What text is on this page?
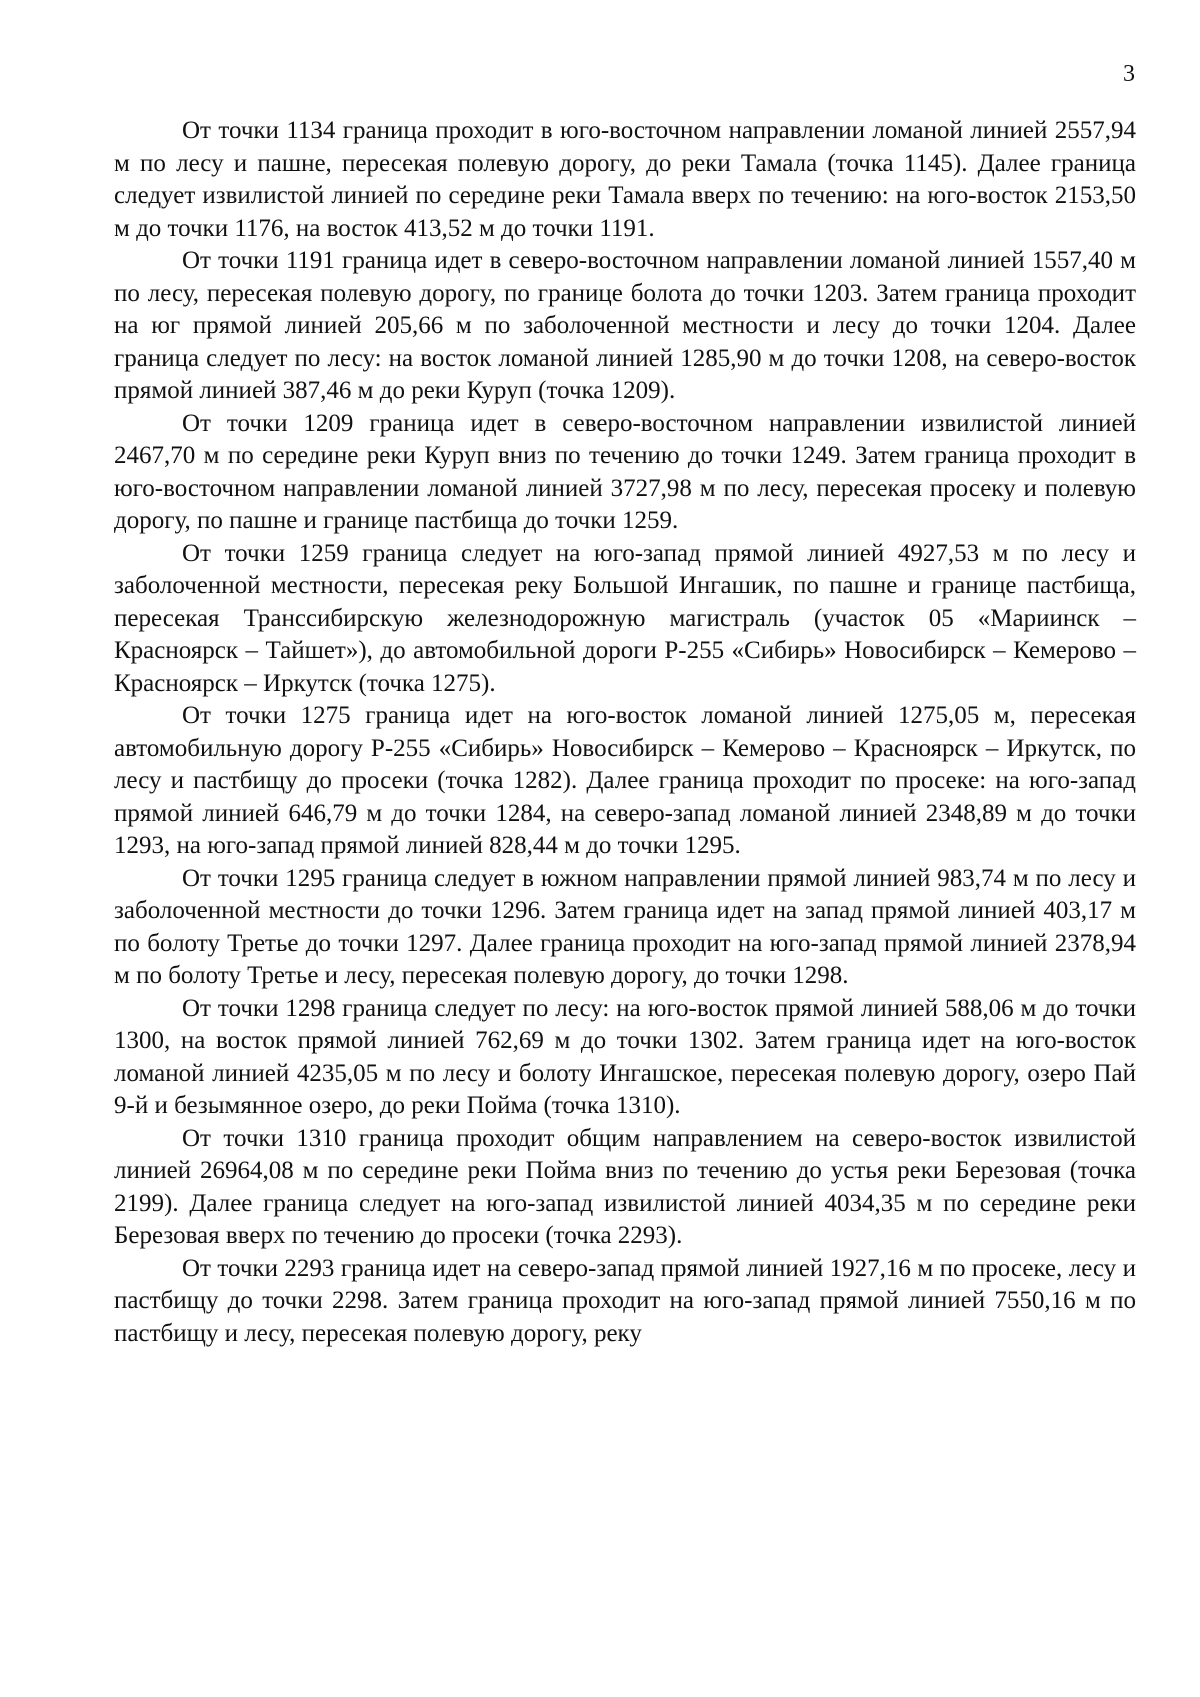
3

От точки 1134 граница проходит в юго-восточном направлении ломаной линией 2557,94 м по лесу и пашне, пересекая полевую дорогу, до реки Тамала (точка 1145). Далее граница следует извилистой линией по середине реки Тамала вверх по течению: на юго-восток 2153,50 м до точки 1176, на восток 413,52 м до точки 1191.

От точки 1191 граница идет в северо-восточном направлении ломаной линией 1557,40 м по лесу, пересекая полевую дорогу, по границе болота до точки 1203. Затем граница проходит на юг прямой линией 205,66 м по заболоченной местности и лесу до точки 1204. Далее граница следует по лесу: на восток ломаной линией 1285,90 м до точки 1208, на северо-восток прямой линией 387,46 м до реки Куруп (точка 1209).

От точки 1209 граница идет в северо-восточном направлении извилистой линией 2467,70 м по середине реки Куруп вниз по течению до точки 1249. Затем граница проходит в юго-восточном направлении ломаной линией 3727,98 м по лесу, пересекая просеку и полевую дорогу, по пашне и границе пастбища до точки 1259.

От точки 1259 граница следует на юго-запад прямой линией 4927,53 м по лесу и заболоченной местности, пересекая реку Большой Ингашик, по пашне и границе пастбища, пересекая Транссибирскую железнодорожную магистраль (участок 05 «Мариинск – Красноярск – Тайшет»), до автомобильной дороги Р-255 «Сибирь» Новосибирск – Кемерово – Красноярск – Иркутск (точка 1275).

От точки 1275 граница идет на юго-восток ломаной линией 1275,05 м, пересекая автомобильную дорогу Р-255 «Сибирь» Новосибирск – Кемерово – Красноярск – Иркутск, по лесу и пастбищу до просеки (точка 1282). Далее граница проходит по просеке: на юго-запад прямой линией 646,79 м до точки 1284, на северо-запад ломаной линией 2348,89 м до точки 1293, на юго-запад прямой линией 828,44 м до точки 1295.

От точки 1295 граница следует в южном направлении прямой линией 983,74 м по лесу и заболоченной местности до точки 1296. Затем граница идет на запад прямой линией 403,17 м по болоту Третье до точки 1297. Далее граница проходит на юго-запад прямой линией 2378,94 м по болоту Третье и лесу, пересекая полевую дорогу, до точки 1298.

От точки 1298 граница следует по лесу: на юго-восток прямой линией 588,06 м до точки 1300, на восток прямой линией 762,69 м до точки 1302. Затем граница идет на юго-восток ломаной линией 4235,05 м по лесу и болоту Ингашское, пересекая полевую дорогу, озеро Пай 9-й и безымянное озеро, до реки Пойма (точка 1310).

От точки 1310 граница проходит общим направлением на северо-восток извилистой линией 26964,08 м по середине реки Пойма вниз по течению до устья реки Березовая (точка 2199). Далее граница следует на юго-запад извилистой линией 4034,35 м по середине реки Березовая вверх по течению до просеки (точка 2293).

От точки 2293 граница идет на северо-запад прямой линией 1927,16 м по просеке, лесу и пастбищу до точки 2298. Затем граница проходит на юго-запад прямой линией 7550,16 м по пастбищу и лесу, пересекая полевую дорогу, реку
